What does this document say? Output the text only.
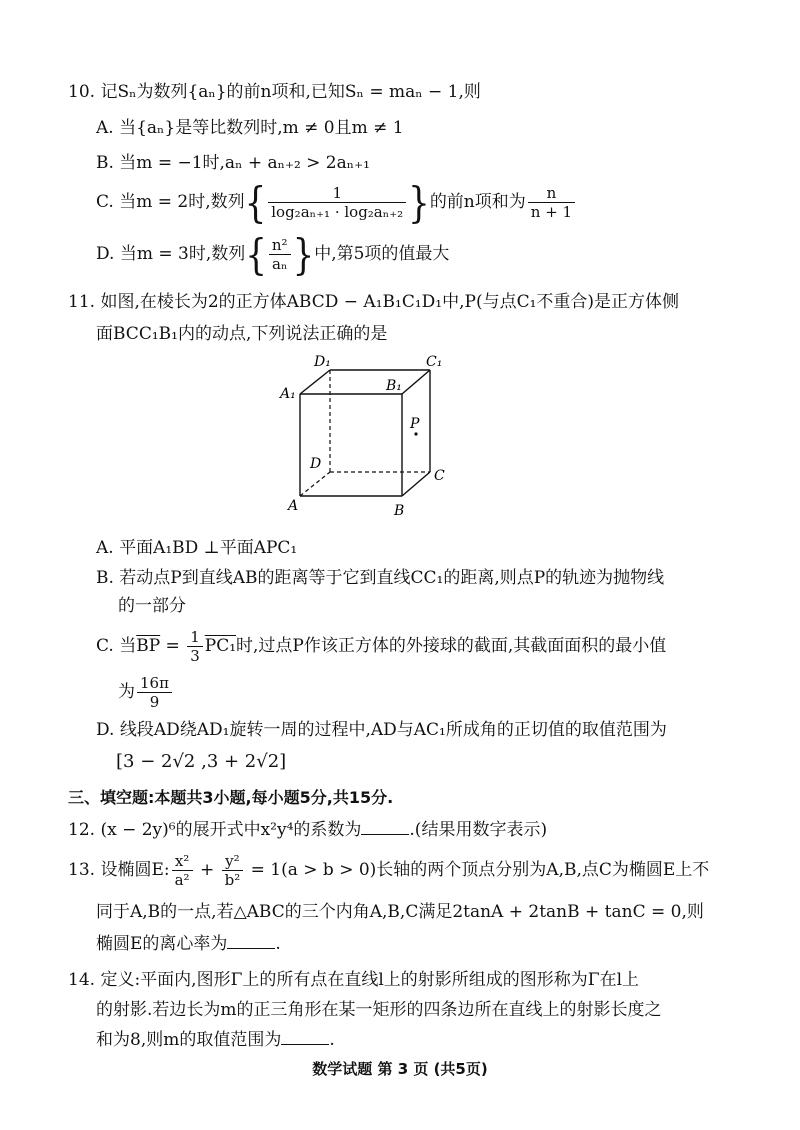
10. 记Sₙ为数列{aₙ}的前n项和,已知Sₙ = maₙ − 1,则
A. 当{aₙ}是等比数列时,m ≠ 0且m ≠ 1
B. 当m = −1时,aₙ + aₙ₊₂ > 2aₙ₊₁
C. 当m = 2时,数列{ $\frac{1}{\text{log₂aₙ₊₁ · log₂aₙ₊₂}}$ }的前n项和为 $\frac{n}{n + 1}$
D. 当m = 3时,数列{ $\frac{\text{n²}}{\text{aₙ}}$ }中,第5项的值最大
11. 如图,在棱长为2的正方体ABCD − A₁B₁C₁D₁中,P(与点C₁不重合)是正方体侧
面BCC₁B₁内的动点,下列说法正确的是
D₁	C₁
A₁	B₁
P
D
C
A	B
A. 平面A₁BD ⊥平面APC₁
B. 若动点P到直线AB的距离等于它到直线CC₁的距离,则点P的轨迹为抛物线
的一部分
C. 当$\overline{BP} = \frac{1}{3} PC_1$时,过点P作该正方体的外接球的截面,其截面面积的最小值
为 $\frac{16\pi}{9}$
D. 线段AD绕AD₁旋转一周的过程中,AD与AC₁所成角的正切值的取值范围为
[3 − 2√2 ,3 + 2√2]
三、填空题:本题共3小题,每小题5分,共15分.
12. (x − 2y)⁶的展开式中x²y⁴的系数为	.(结果用数字表示)
13. 设椭圆E: $\frac{\text{x²}}{\text{a²}} + \frac{\text{y²}}{\text{b²}} = 1(a > b > 0)$长轴的两个顶点分别为A,B,点C为椭圆E上不
同于A,B的一点,若△ABC的三个内角A,B,C满足2tanA + 2tanB + tanC = 0,则
椭圆E的离心率为	.
14. 定义:平面内,图形Γ上的所有点在直线l上的射影所组成的图形称为Γ在l上
的射影.若边长为m的正三角形在某一矩形的四条边所在直线上的射影长度之
和为8,则m的取值范围为	.
数学试题 第 3 页 (共5页)
